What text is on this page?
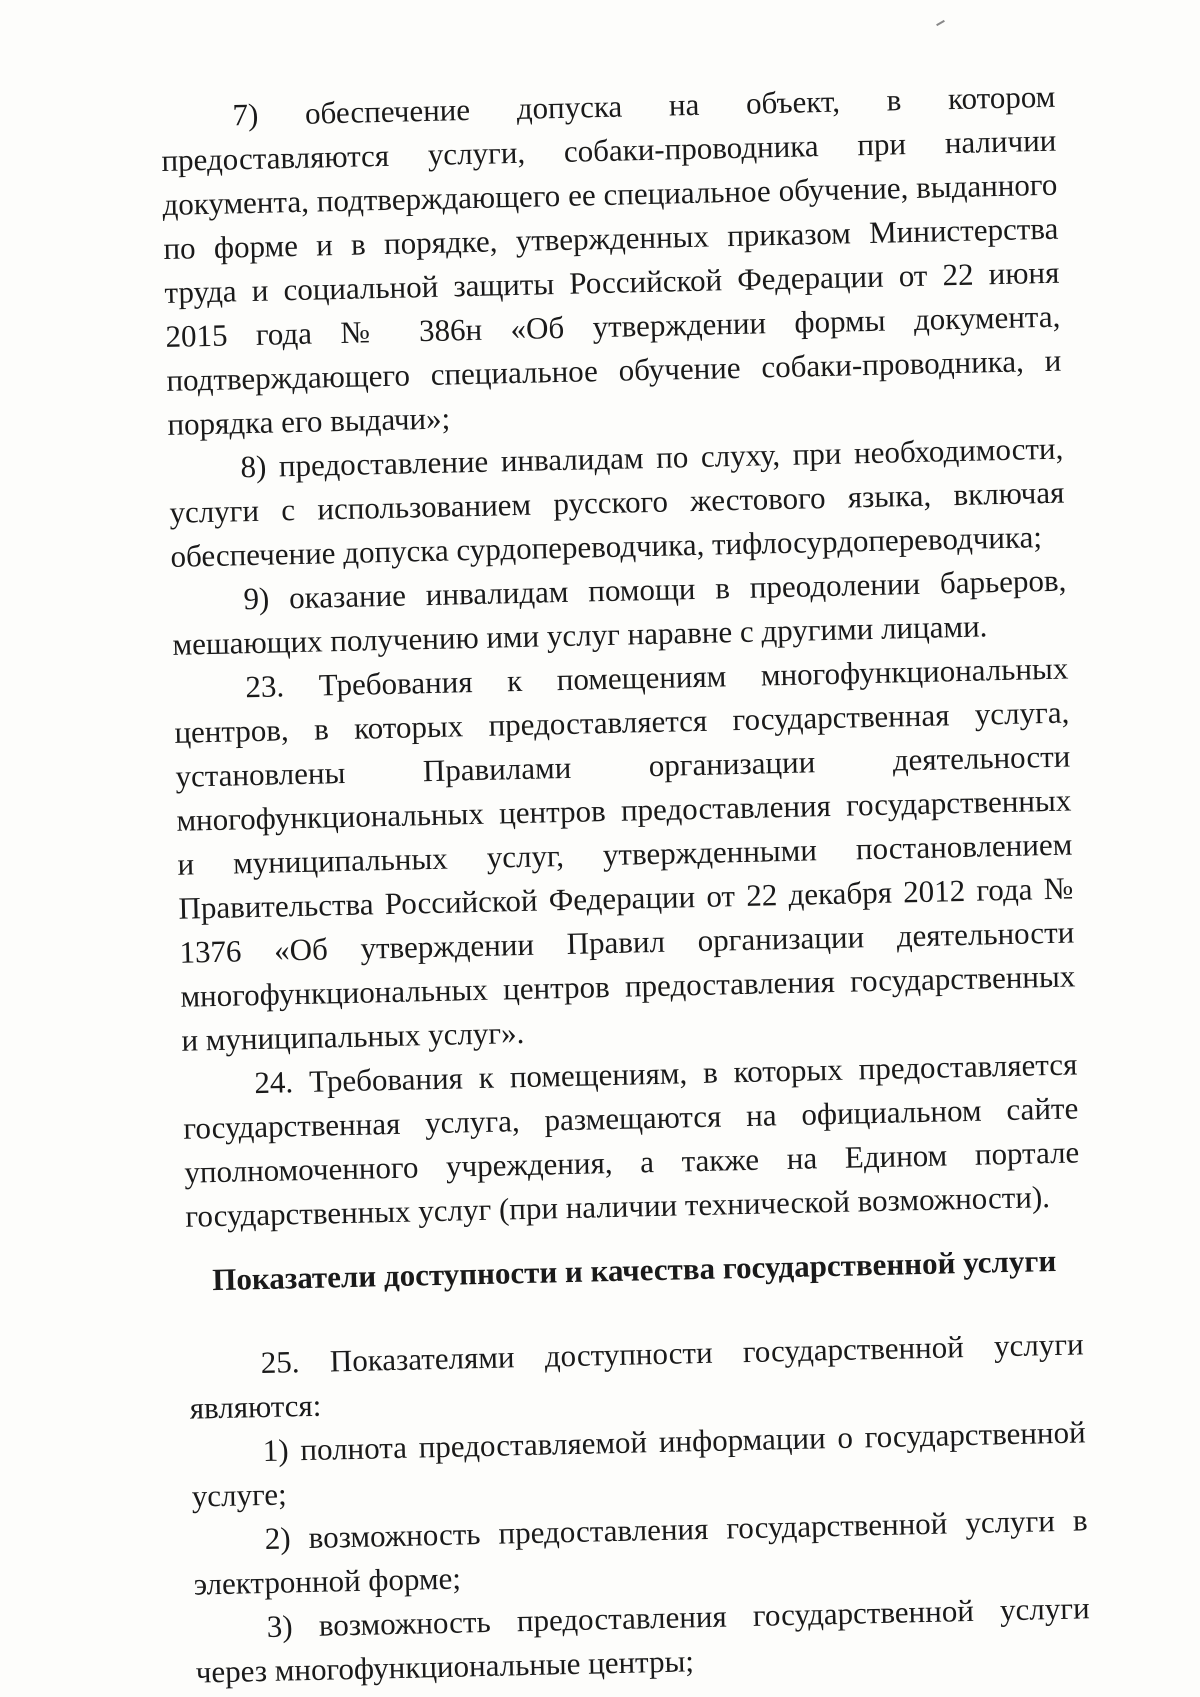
7) обеспечение допуска на объект, в котором предоставляются услуги, собаки-проводника при наличии документа, подтверждающего ее специальное обучение, выданного по форме и в порядке, утвержденных приказом Министерства труда и социальной защиты Российской Федерации от 22 июня 2015 года № 386н «Об утверждении формы документа, подтверждающего специальное обучение собаки-проводника, и порядка его выдачи»;

8) предоставление инвалидам по слуху, при необходимости, услуги с использованием русского жестового языка, включая обеспечение допуска сурдопереводчика, тифлосурдопереводчика;

9) оказание инвалидам помощи в преодолении барьеров, мешающих получению ими услуг наравне с другими лицами.

23. Требования к помещениям многофункциональных центров, в которых предоставляется государственная услуга, установлены Правилами организации деятельности многофункциональных центров предоставления государственных и муниципальных услуг, утвержденными постановлением Правительства Российской Федерации от 22 декабря 2012 года № 1376 «Об утверждении Правил организации деятельности многофункциональных центров предоставления государственных и муниципальных услуг».

24. Требования к помещениям, в которых предоставляется государственная услуга, размещаются на официальном сайте уполномоченного учреждения, а также на Едином портале государственных услуг (при наличии технической возможности).

Показатели доступности и качества государственной услуги

25. Показателями доступности государственной услуги являются:

1) полнота предоставляемой информации о государственной услуге;

2) возможность предоставления государственной услуги в электронной форме;

3) возможность предоставления государственной услуги через многофункциональные центры;
